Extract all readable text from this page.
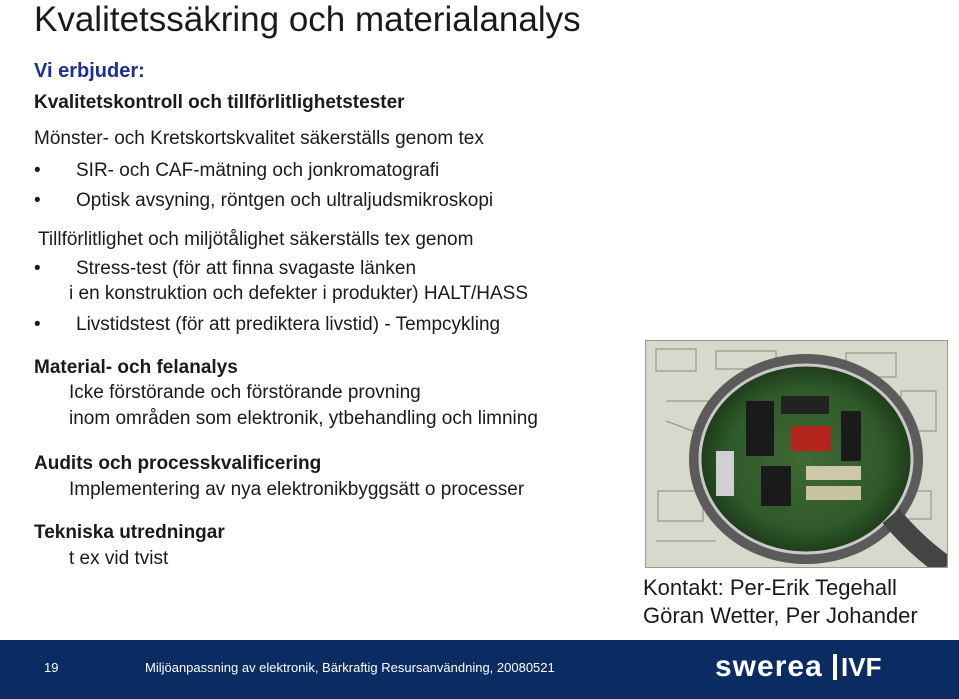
Kvalitetssäkring och materialanalys
Vi erbjuder:
Kvalitetskontroll och tillförlitlighetstester
Mönster- och Kretskortskvalitet säkerställs genom tex
• SIR- och CAF-mätning och jonkromatografi
• Optisk avsyning, röntgen och ultraljudsmikroskopi
Tillförlitlighet och miljötålighet säkerställs tex genom
• Stress-test (för att finna svagaste länken
i en konstruktion och defekter i produkter) HALT/HASS
• Livstidstest (för att prediktera livstid) - Tempcykling
Material- och felanalys
Icke förstörande och förstörande provning
inom områden som elektronik, ytbehandling och limning
Audits och processkvalificering
Implementering av nya elektronikbyggsätt o processer
Tekniska utredningar
t ex vid tvist
Kontakt: Per-Erik Tegehall
Göran Wetter, Per Johander
19	Miljöanpassning av elektronik, Bärkraftig Resursanvändning, 20080521	swerea IVF
